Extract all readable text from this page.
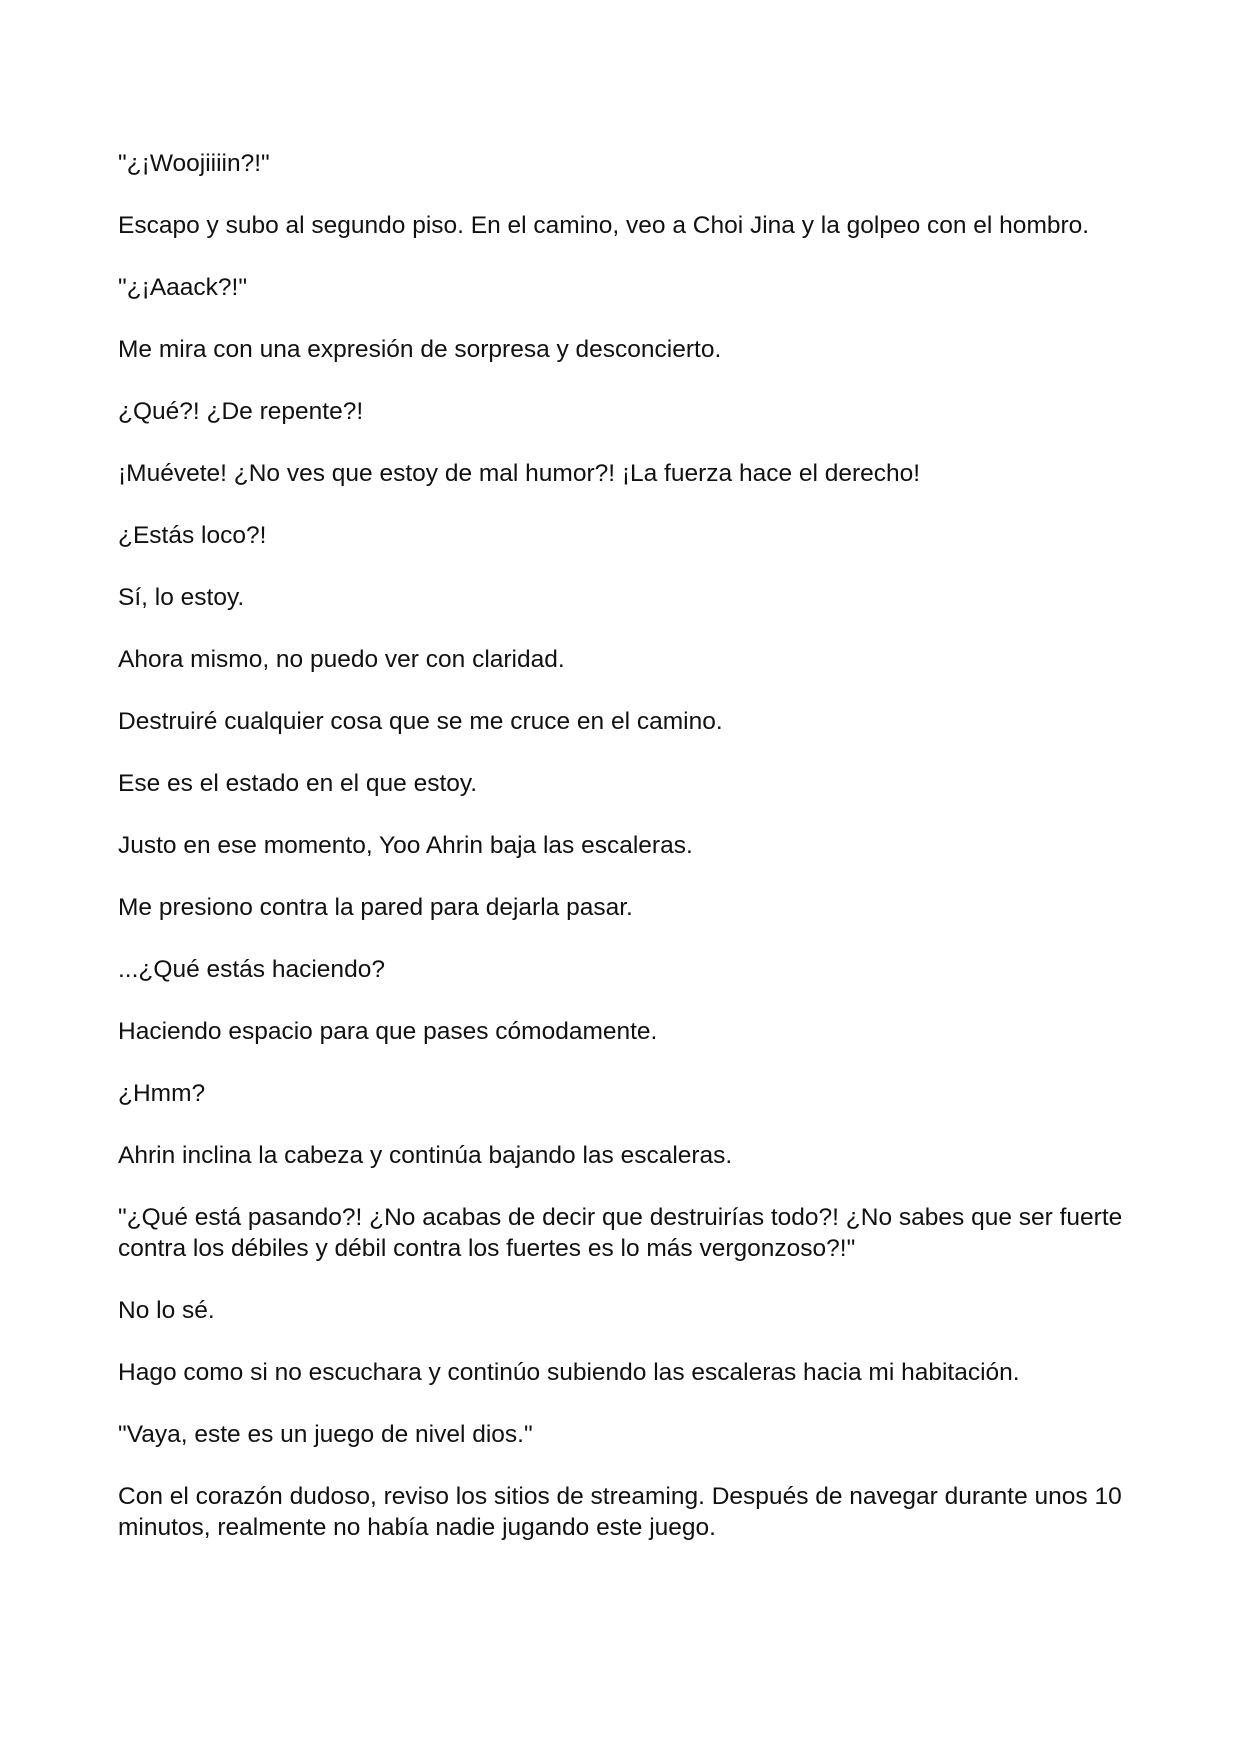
"¿¡Woojiiiin?!"

Escapo y subo al segundo piso. En el camino, veo a Choi Jina y la golpeo con el hombro.

"¿¡Aaack?!"

Me mira con una expresión de sorpresa y desconcierto.

¿Qué?! ¿De repente?!

¡Muévete! ¿No ves que estoy de mal humor?! ¡La fuerza hace el derecho!

¿Estás loco?!

Sí, lo estoy.

Ahora mismo, no puedo ver con claridad.

Destruiré cualquier cosa que se me cruce en el camino.

Ese es el estado en el que estoy.

Justo en ese momento, Yoo Ahrin baja las escaleras.

Me presiono contra la pared para dejarla pasar.

...¿Qué estás haciendo?

Haciendo espacio para que pases cómodamente.

¿Hmm?

Ahrin inclina la cabeza y continúa bajando las escaleras.

"¿Qué está pasando?! ¿No acabas de decir que destruirías todo?! ¿No sabes que ser fuerte contra los débiles y débil contra los fuertes es lo más vergonzoso?!"

No lo sé.

Hago como si no escuchara y continúo subiendo las escaleras hacia mi habitación.

"Vaya, este es un juego de nivel dios."

Con el corazón dudoso, reviso los sitios de streaming. Después de navegar durante unos 10 minutos, realmente no había nadie jugando este juego.
